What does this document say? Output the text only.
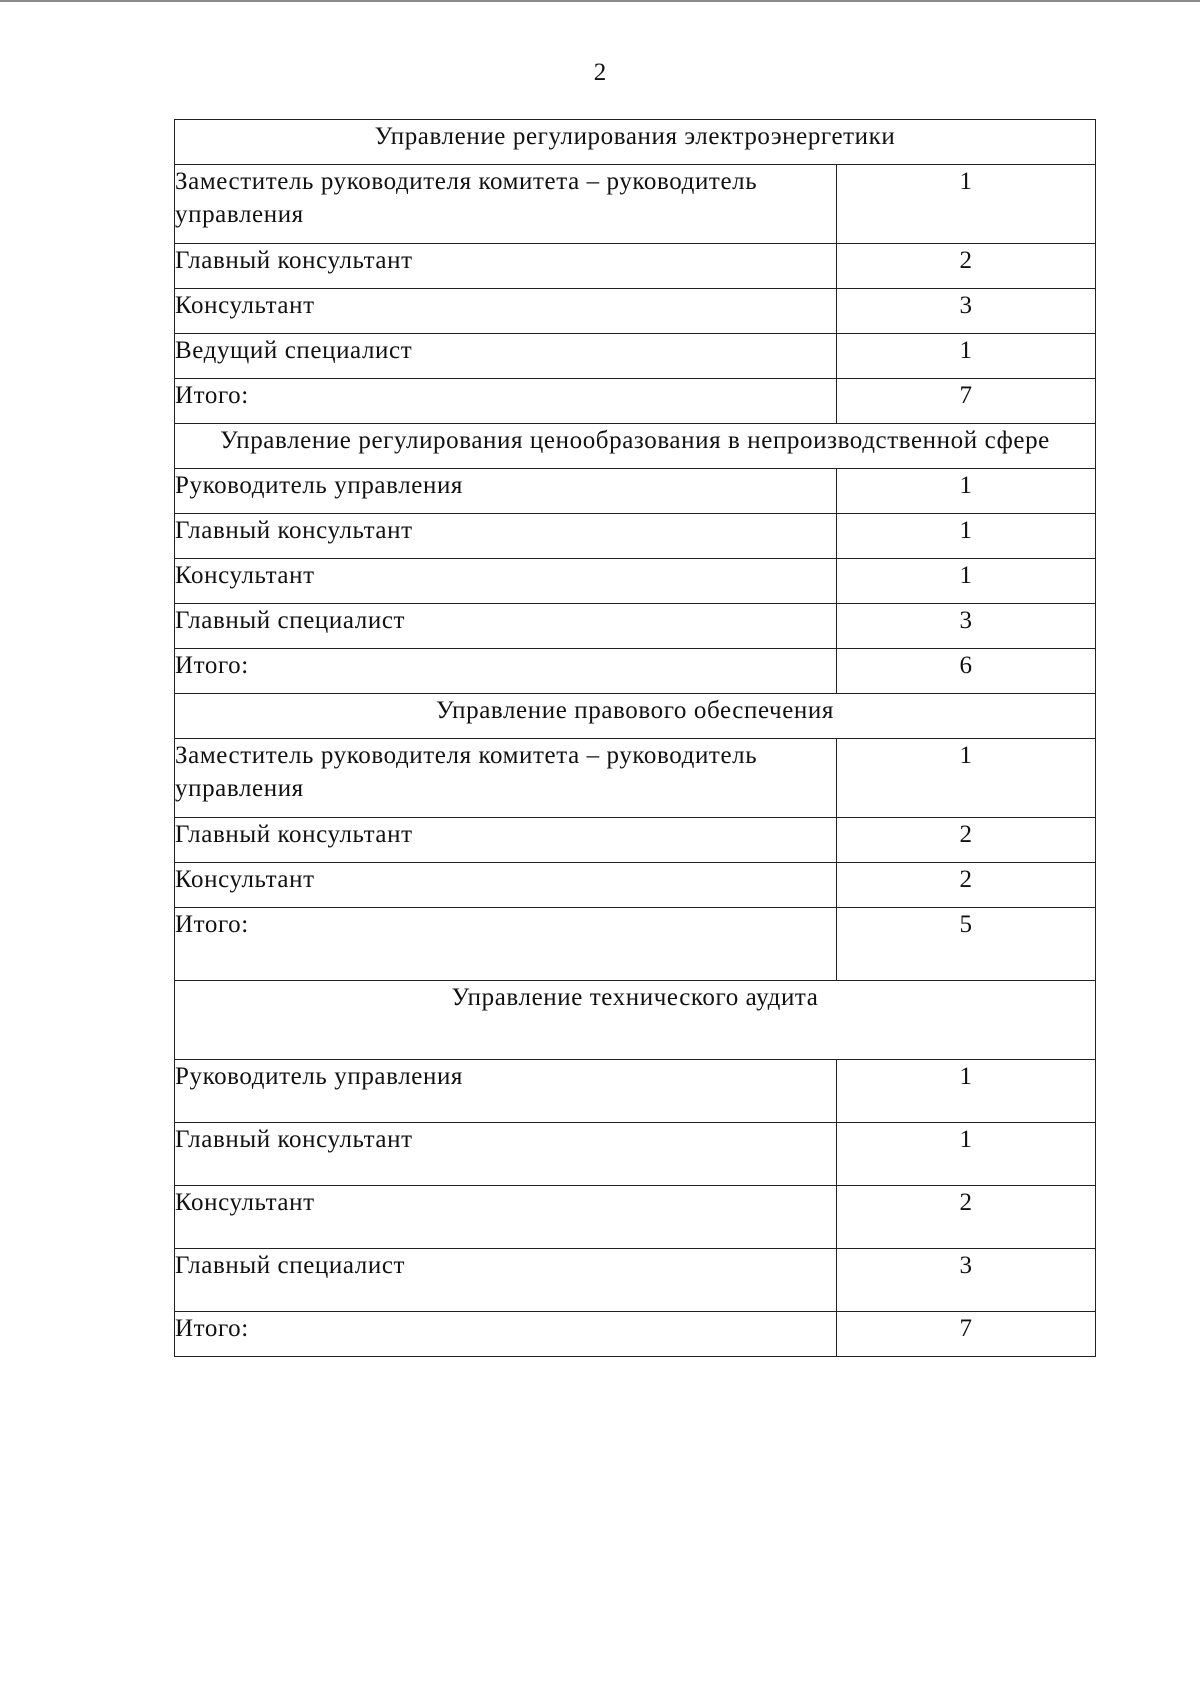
2
Управление регулирования электроэнергетики	
Заместитель руководителя комитета – руководитель управления	1
Главный консультант	2
Консультант	3
Ведущий специалист	1
Итого:	7
Управление регулирования ценообразования в непроизводственной сфере	
Руководитель управления	1
Главный консультант	1
Консультант	1
Главный специалист	3
Итого:	6
Управление правового обеспечения	
Заместитель руководителя комитета – руководитель управления	1
Главный консультант	2
Консультант	2
Итого:	5
Управление технического аудита	
Руководитель управления	1
Главный консультант	1
Консультант	2
Главный специалист	3
Итого:	7
